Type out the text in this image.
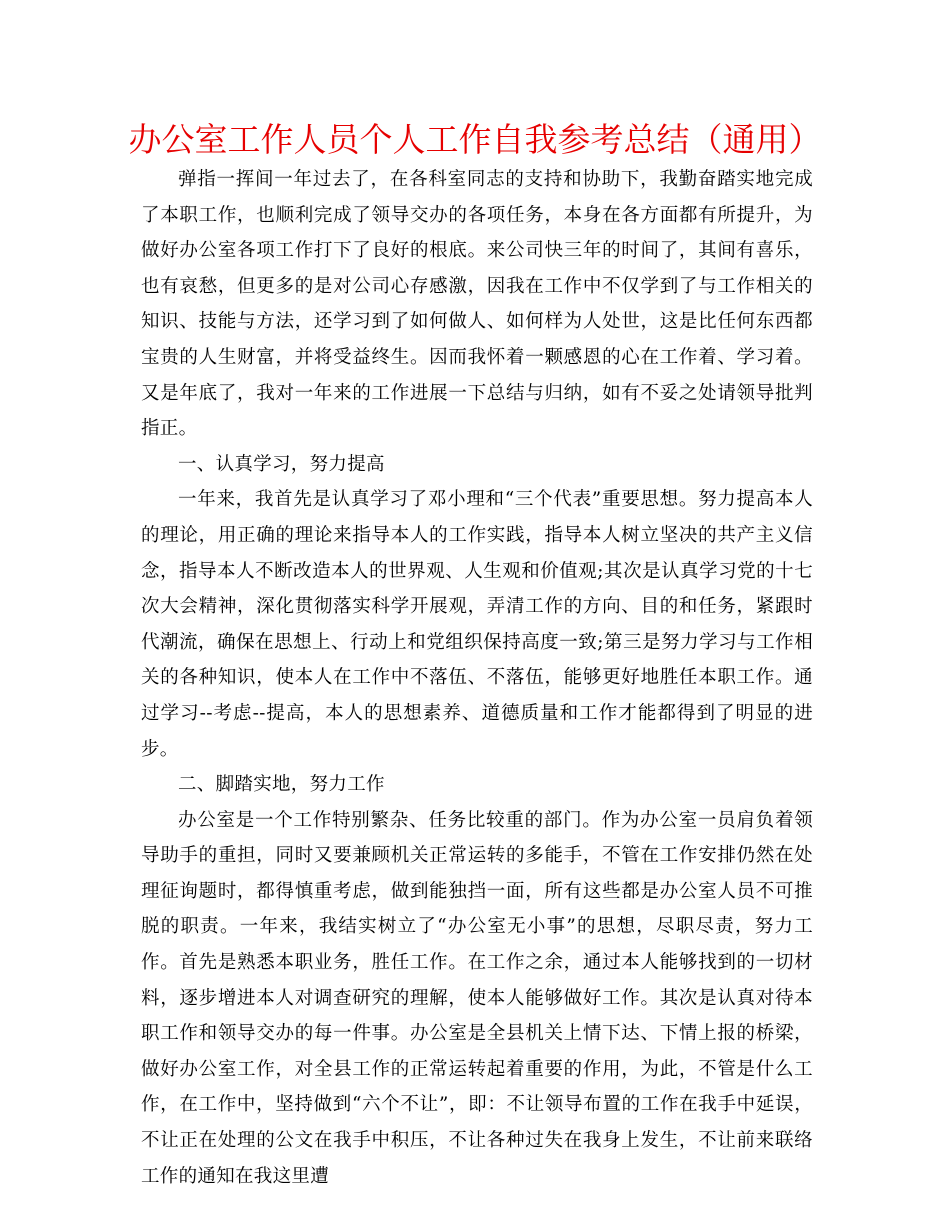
办公室工作人员个人工作自我参考总结（通用）

弹指一挥间一年过去了，在各科室同志的支持和协助下，我勤奋踏实地完成了本职工作，也顺利完成了领导交办的各项任务，本身在各方面都有所提升，为做好办公室各项工作打下了良好的根底。来公司快三年的时间了，其间有喜乐，也有哀愁，但更多的是对公司心存感激，因我在工作中不仅学到了与工作相关的知识、技能与方法，还学习到了如何做人、如何样为人处世，这是比任何东西都宝贵的人生财富，并将受益终生。因而我怀着一颗感恩的心在工作着、学习着。又是年底了，我对一年来的工作进展一下总结与归纳，如有不妥之处请领导批判指正。

一、认真学习，努力提高

一年来，我首先是认真学习了邓小理和“三个代表”重要思想。努力提高本人的理论，用正确的理论来指导本人的工作实践，指导本人树立坚决的共产主义信念，指导本人不断改造本人的世界观、人生观和价值观;其次是认真学习党的十七次大会精神，深化贯彻落实科学开展观，弄清工作的方向、目的和任务，紧跟时代潮流，确保在思想上、行动上和党组织保持高度一致;第三是努力学习与工作相关的各种知识，使本人在工作中不落伍、不落伍，能够更好地胜任本职工作。通过学习--考虑--提高，本人的思想素养、道德质量和工作才能都得到了明显的进步。

二、脚踏实地，努力工作

办公室是一个工作特别繁杂、任务比较重的部门。作为办公室一员肩负着领导助手的重担，同时又要兼顾机关正常运转的多能手，不管在工作安排仍然在处理征询题时，都得慎重考虑，做到能独挡一面，所有这些都是办公室人员不可推脱的职责。一年来，我结实树立了“办公室无小事”的思想，尽职尽责，努力工作。首先是熟悉本职业务，胜任工作。在工作之余，通过本人能够找到的一切材料，逐步增进本人对调查研究的理解，使本人能够做好工作。其次是认真对待本职工作和领导交办的每一件事。办公室是全县机关上情下达、下情上报的桥梁，做好办公室工作，对全县工作的正常运转起着重要的作用，为此，不管是什么工作，在工作中，坚持做到“六个不让”，即：不让领导布置的工作在我手中延误，不让正在处理的公文在我手中积压，不让各种过失在我身上发生，不让前来联络工作的通知在我这里遭
